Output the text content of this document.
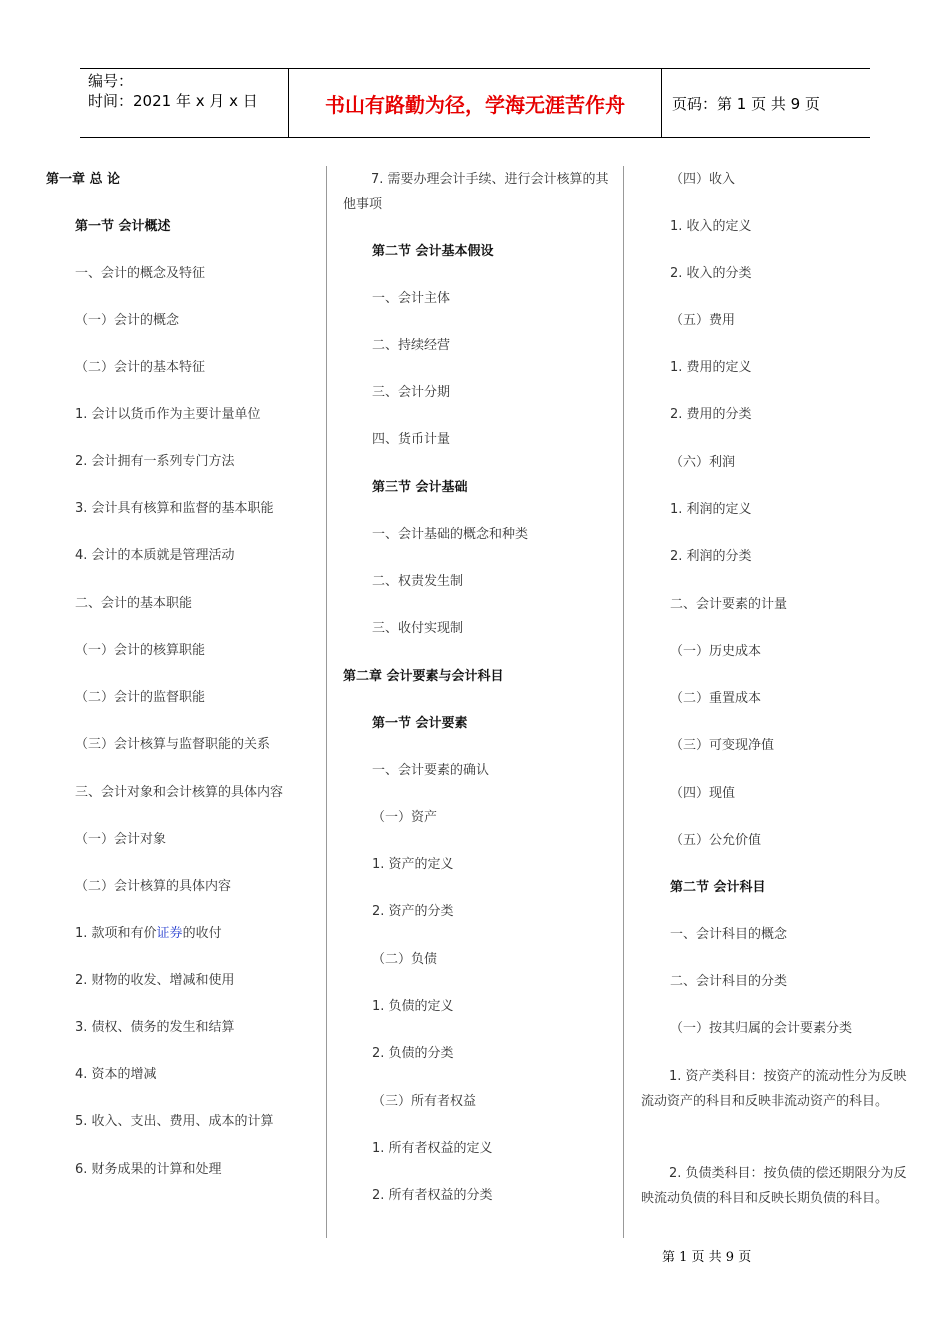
编号：
时间：2021 年 x 月 x 日	书山有路勤为径，学海无涯苦作舟	页码：第 1 页 共 9 页
第一章 总 论
第一节 会计概述
一、会计的概念及特征
（一）会计的概念
（二）会计的基本特征
1. 会计以货币作为主要计量单位
2. 会计拥有一系列专门方法
3. 会计具有核算和监督的基本职能
4. 会计的本质就是管理活动
二、会计的基本职能
（一）会计的核算职能
（二）会计的监督职能
（三）会计核算与监督职能的关系
三、会计对象和会计核算的具体内容
（一）会计对象
（二）会计核算的具体内容
1. 款项和有价证券的收付
2. 财物的收发、增减和使用
3. 债权、债务的发生和结算
4. 资本的增减
5. 收入、支出、费用、成本的计算
6. 财务成果的计算和处理
7. 需要办理会计手续、进行会计核算的其他事项
第二节 会计基本假设
一、会计主体
二、持续经营
三、会计分期
四、货币计量
第三节 会计基础
一、会计基础的概念和种类
二、权责发生制
三、收付实现制
第二章 会计要素与会计科目
第一节 会计要素
一、会计要素的确认
（一）资产
1. 资产的定义
2. 资产的分类
（二）负债
1. 负债的定义
2. 负债的分类
（三）所有者权益
1. 所有者权益的定义
2. 所有者权益的分类
（四）收入
1. 收入的定义
2. 收入的分类
（五）费用
1. 费用的定义
2. 费用的分类
（六）利润
1. 利润的定义
2. 利润的分类
二、会计要素的计量
（一）历史成本
（二）重置成本
（三）可变现净值
（四）现值
（五）公允价值
第二节 会计科目
一、会计科目的概念
二、会计科目的分类
（一）按其归属的会计要素分类
1. 资产类科目：按资产的流动性分为反映流动资产的科目和反映非流动资产的科目。
2. 负债类科目：按负债的偿还期限分为反映流动负债的科目和反映长期负债的科目。
第 1 页 共 9 页
